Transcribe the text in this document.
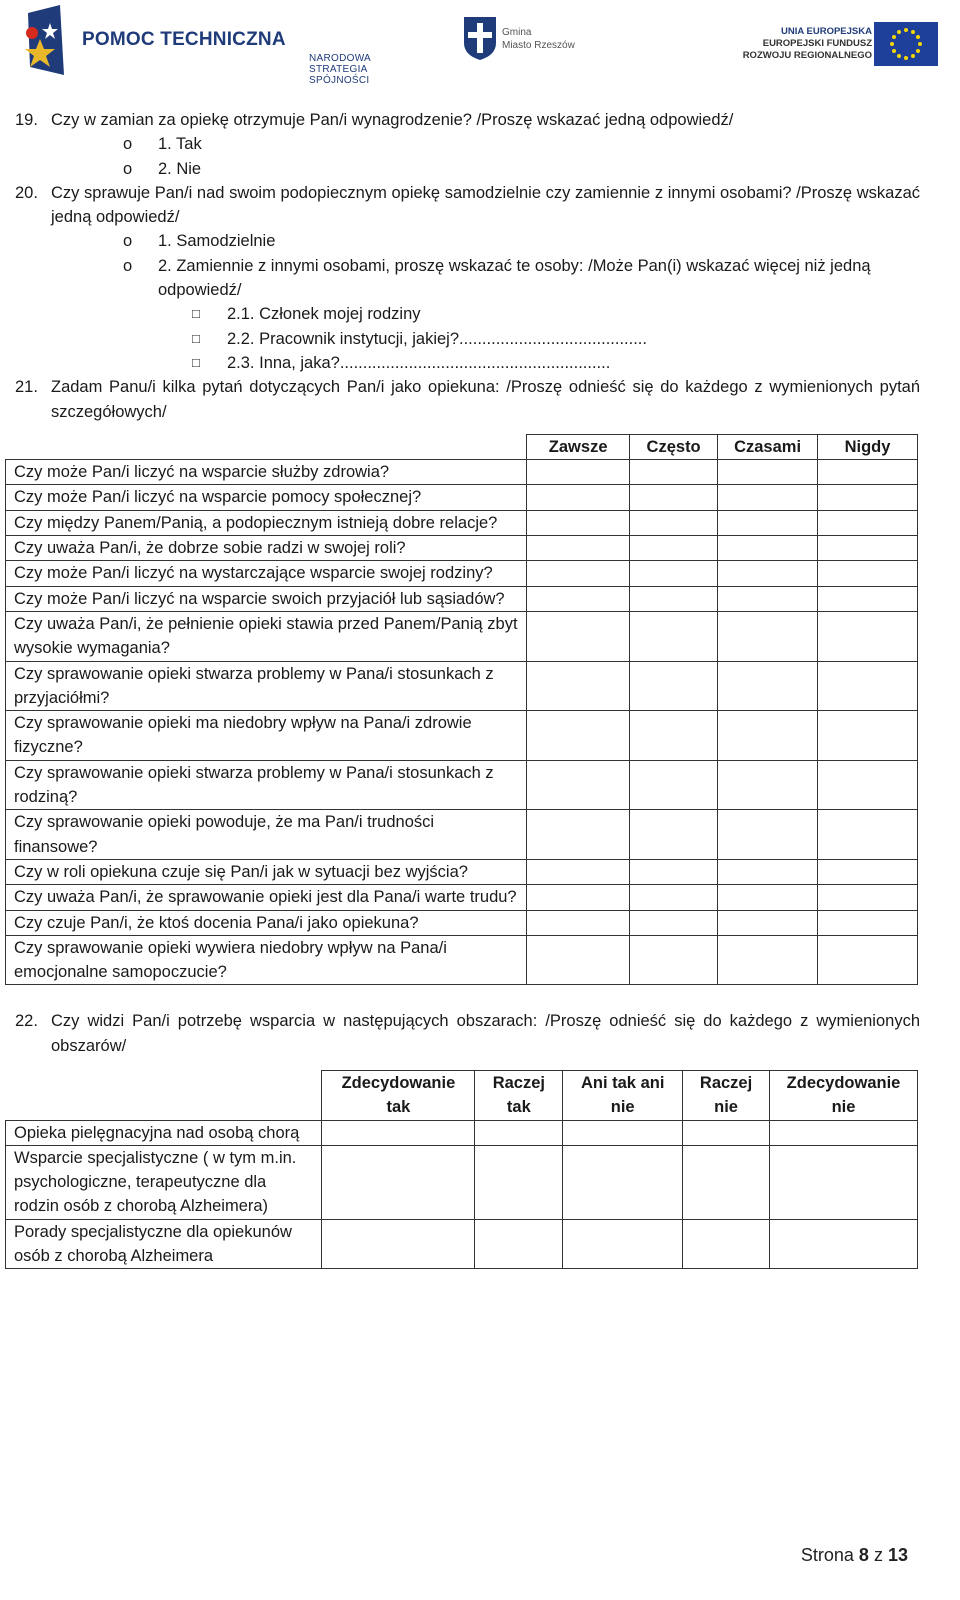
POMOC TECHNICZNA
NARODOWA STRATEGIA SPÓJNOŚCI
Gmina
Miasto Rzeszów
UNIA EUROPEJSKA
EUROPEJSKI FUNDUSZ
ROZWOJU REGIONALNEGO
19. Czy w zamian za opiekę otrzymuje Pan/i wynagrodzenie? /Proszę wskazać jedną odpowiedź/
o 1. Tak
o 2. Nie
20. Czy sprawuje Pan/i nad swoim podopiecznym opiekę samodzielnie czy zamiennie z innymi osobami? /Proszę wskazać jedną odpowiedź/
o 1. Samodzielnie
o 2. Zamiennie z innymi osobami, proszę wskazać te osoby: /Może Pan(i) wskazać więcej niż jedną odpowiedź/
□ 2.1. Członek mojej rodziny
□ 2.2. Pracownik instytucji, jakiej?.........................................
□ 2.3. Inna, jaka?...........................................................
21. Zadam Panu/i kilka pytań dotyczących Pan/i jako opiekuna: /Proszę odnieść się do każdego z wymienionych pytań szczegółowych/
	Zawsze	Często	Czasami	Nigdy
Czy może Pan/i liczyć na wsparcie służby zdrowia?				
Czy może Pan/i liczyć na wsparcie pomocy społecznej?				
Czy między Panem/Panią, a podopiecznym istnieją dobre relacje?				
Czy uważa Pan/i, że dobrze sobie radzi w swojej roli?				
Czy może Pan/i liczyć na wystarczające wsparcie swojej rodziny?				
Czy może Pan/i liczyć na wsparcie swoich przyjaciół lub sąsiadów?				
Czy uważa Pan/i, że pełnienie opieki stawia przed Panem/Panią zbyt wysokie wymagania?				
Czy sprawowanie opieki stwarza problemy w Pana/i stosunkach z przyjaciółmi?				
Czy sprawowanie opieki ma niedobry wpływ na Pana/i zdrowie fizyczne?				
Czy sprawowanie opieki stwarza problemy w Pana/i stosunkach z rodziną?				
Czy sprawowanie opieki powoduje, że ma Pan/i trudności finansowe?				
Czy w roli opiekuna czuje się Pan/i jak w sytuacji bez wyjścia?				
Czy uważa Pan/i, że sprawowanie opieki jest dla Pana/i warte trudu?				
Czy czuje Pan/i, że ktoś docenia Pana/i jako opiekuna?				
Czy sprawowanie opieki wywiera niedobry wpływ na Pana/i emocjonalne samopoczucie?				
22. Czy widzi Pan/i potrzebę wsparcia w następujących obszarach: /Proszę odnieść się do każdego z wymienionych obszarów/
	Zdecydowanie tak	Raczej tak	Ani tak ani nie	Raczej nie	Zdecydowanie nie
Opieka pielęgnacyjna nad osobą chorą					
Wsparcie specjalistyczne ( w tym m.in. psychologiczne, terapeutyczne dla rodzin osób z chorobą Alzheimera)					
Porady specjalistyczne dla opiekunów osób z chorobą Alzheimera					
Strona 8 z 13
